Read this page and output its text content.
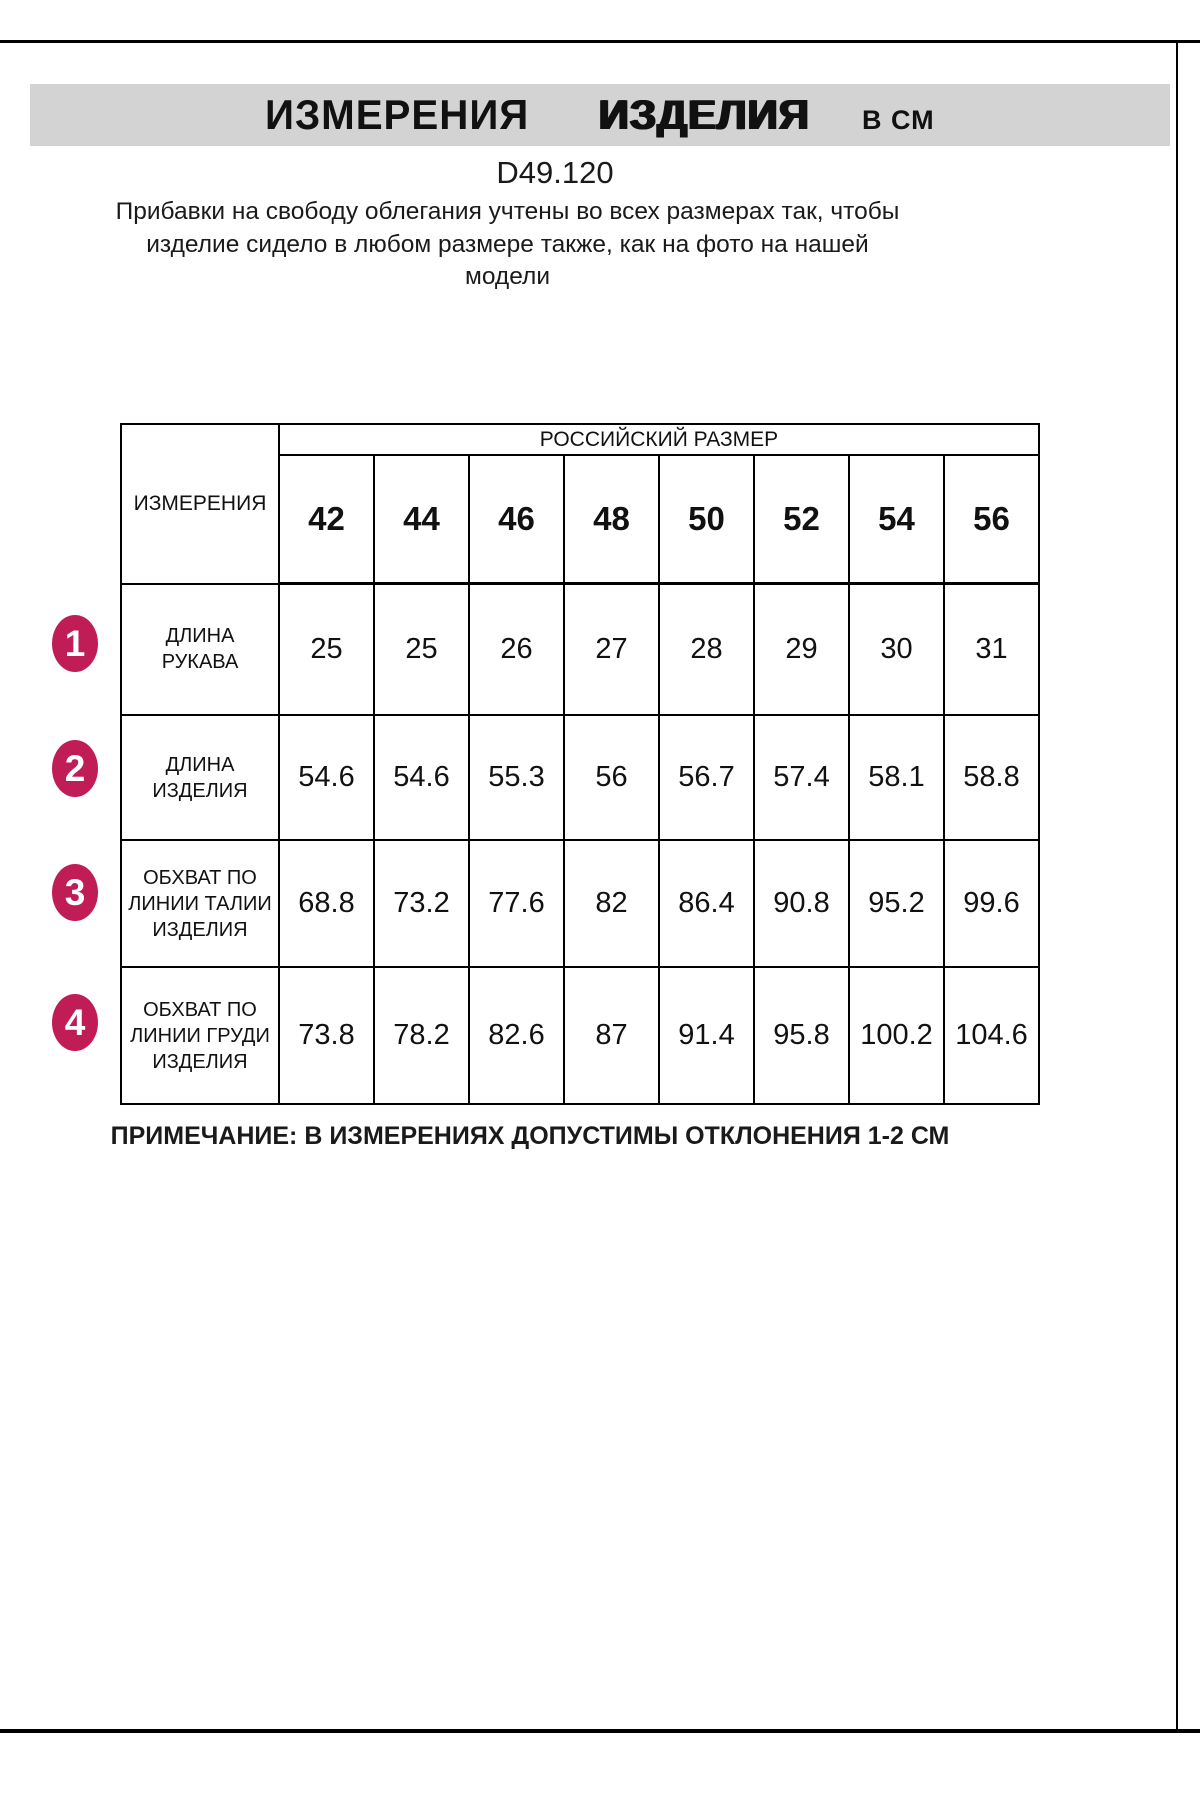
ИЗМЕРЕНИЯ ИЗДЕЛИЯ В СМ
D49.120
Прибавки на свободу облегания учтены во всех размерах так, чтобы
изделие сидело в любом размере также, как на фото на нашей
модели
ИЗМЕРЕНИЯ	РОССИЙСКИЙ РАЗМЕР							
	42	44	46	48	50	52	54	56
ДЛИНА РУКАВА	25	25	26	27	28	29	30	31
ДЛИНА ИЗДЕЛИЯ	54.6	54.6	55.3	56	56.7	57.4	58.1	58.8
ОБХВАТ ПО ЛИНИИ ТАЛИИ ИЗДЕЛИЯ	68.8	73.2	77.6	82	86.4	90.8	95.2	99.6
ОБХВАТ ПО ЛИНИИ ГРУДИ ИЗДЕЛИЯ	73.8	78.2	82.6	87	91.4	95.8	100.2	104.6
1
2
3
4
ПРИМЕЧАНИЕ: В ИЗМЕРЕНИЯХ ДОПУСТИМЫ ОТКЛОНЕНИЯ 1-2 СМ
